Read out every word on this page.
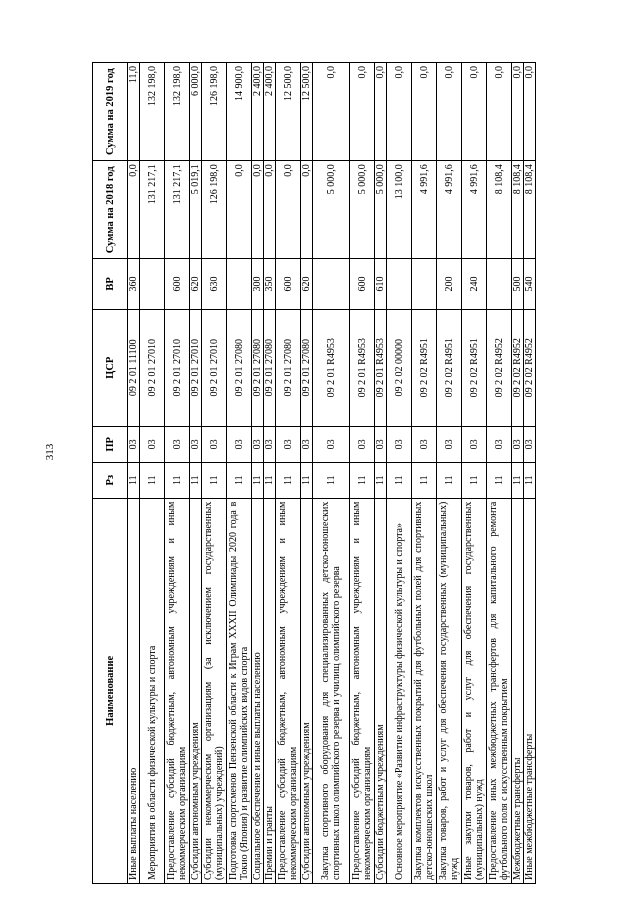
313
Наименование	Рз	ПР	ЦСР	ВР	Сумма на 2018 год	Сумма на 2019 год
Иные выплаты населению	11	03	09 2 01 11100	360	0,0	11,0
Мероприятия в области физической культуры и спорта	11	03	09 2 01 27010		131 217,1	132 198,0
Предоставление субсидий бюджетным, автономным учреждениям и иным некоммерческим организациям	11	03	09 2 01 27010	600	131 217,1	132 198,0
Субсидии автономным учреждениям	11	03	09 2 01 27010	620	5 019,1	6 000,0
Субсидии некоммерческим организациям (за исключением государственных (муниципальных) учреждений)	11	03	09 2 01 27010	630	126 198,0	126 198,0
Подготовка спортсменов Пензенской области к Играм XXXII Олимпиады 2020 года в Токио (Япония) и развитие олимпийских видов спорта	11	03	09 2 01 27080		0,0	14 900,0
Социальное обеспечение и иные выплаты населению	11	03	09 2 01 27080	300	0,0	2 400,0
Премии и гранты	11	03	09 2 01 27080	350	0,0	2 400,0
Предоставление субсидий бюджетным, автономным учреждениям и иным некоммерческим организациям	11	03	09 2 01 27080	600	0,0	12 500,0
Субсидии автономным учреждениям	11	03	09 2 01 27080	620	0,0	12 500,0
Закупка спортивного оборудования для специализированных детско-юношеских спортивных школ олимпийского резерва и училищ олимпийского резерва	11	03	09 2 01 R4953		5 000,0	0,0
Предоставление субсидий бюджетным, автономным учреждениям и иным некоммерческим организациям	11	03	09 2 01 R4953	600	5 000,0	0,0
Субсидии бюджетным учреждениям	11	03	09 2 01 R4953	610	5 000,0	0,0
Основное мероприятие «Развитие инфраструктуры физической культуры и спорта»	11	03	09 2 02 00000		13 100,0	0,0
Закупка комплектов искусственных покрытий для футбольных полей для спортивных детско-юношеских школ	11	03	09 2 02 R4951		4 991,6	0,0
Закупка товаров, работ и услуг для обеспечения государственных (муниципальных) нужд	11	03	09 2 02 R4951	200	4 991,6	0,0
Иные закупки товаров, работ и услуг для обеспечения государственных (муниципальных) нужд	11	03	09 2 02 R4951	240	4 991,6	0,0
Предоставление иных межбюджетных трансфертов для капитального ремонта футбольного поля с искусственным покрытием	11	03	09 2 02 R4952		8 108,4	0,0
Межбюджетные трансферты	11	03	09 2 02 R4952	500	8 108,4	0,0
Иные межбюджетные трансферты	11	03	09 2 02 R4952	540	8 108,4	0,0
